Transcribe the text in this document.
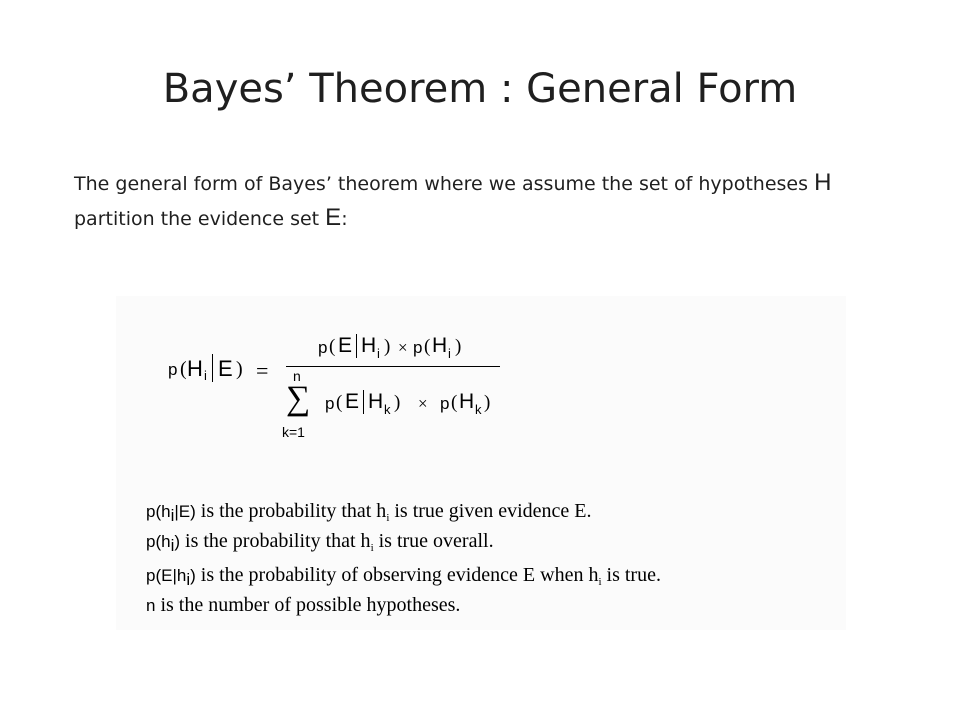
Bayes’ Theorem : General Form
The general form of Bayes’ theorem where we assume the set of hypotheses H partition the evidence set E:
p ( H i E ) =
p ( E H i ) × p ( H i )
n
∑
k=1
p ( E H k ) × p ( H k )
$p(h_i|E)$ is the probability that $h_i$ is true given evidence E.
$p(h_i)$ is the probability that $h_i$ is true overall.
$p(E|h_i)$ is the probability of observing evidence E when $h_i$ is true.
n is the number of possible hypotheses.
